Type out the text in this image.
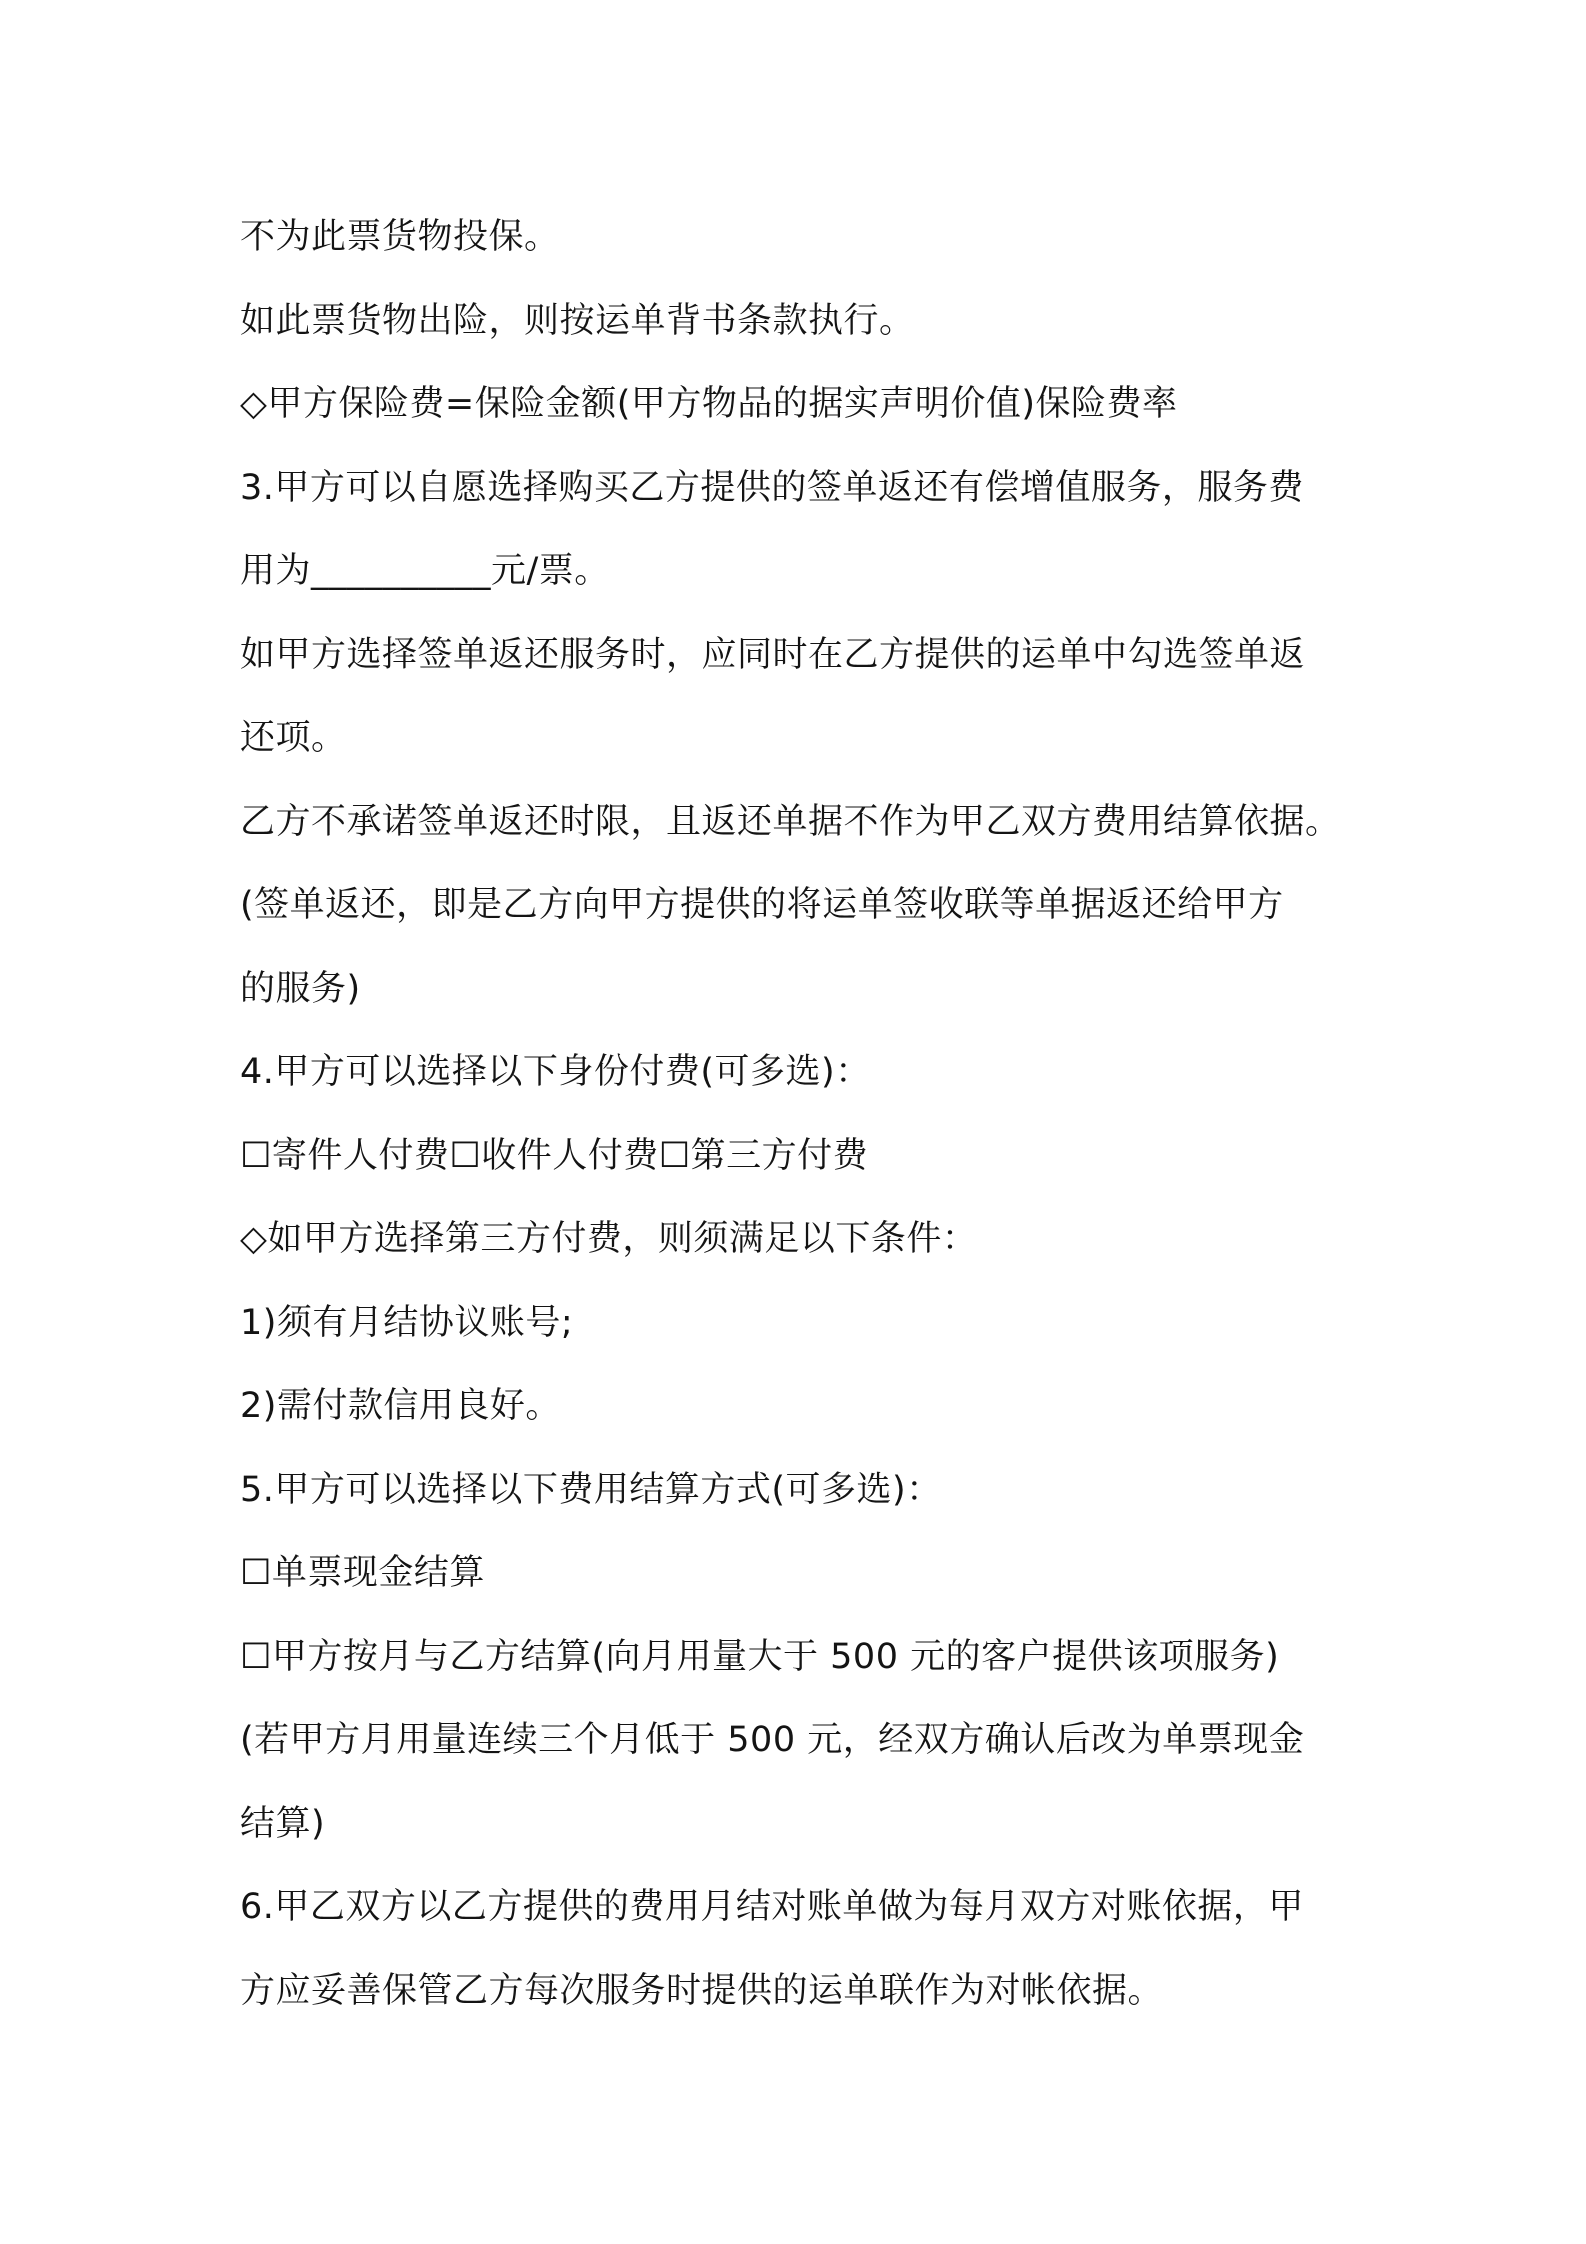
不为此票货物投保。
如此票货物出险，则按运单背书条款执行。
◇甲方保险费=保险金额(甲方物品的据实声明价值)保险费率
3.甲方可以自愿选择购买乙方提供的签单返还有偿增值服务，服务费
用为__________元/票。
如甲方选择签单返还服务时，应同时在乙方提供的运单中勾选签单返
还项。
乙方不承诺签单返还时限，且返还单据不作为甲乙双方费用结算依据。
(签单返还，即是乙方向甲方提供的将运单签收联等单据返还给甲方
的服务)
4.甲方可以选择以下身份付费(可多选)：
☐寄件人付费☐收件人付费☐第三方付费
◇如甲方选择第三方付费，则须满足以下条件：
1)须有月结协议账号;
2)需付款信用良好。
5.甲方可以选择以下费用结算方式(可多选)：
☐单票现金结算
☐甲方按月与乙方结算(向月用量大于 500 元的客户提供该项服务)
(若甲方月用量连续三个月低于 500 元，经双方确认后改为单票现金
结算)
6.甲乙双方以乙方提供的费用月结对账单做为每月双方对账依据，甲
方应妥善保管乙方每次服务时提供的运单联作为对帐依据。
